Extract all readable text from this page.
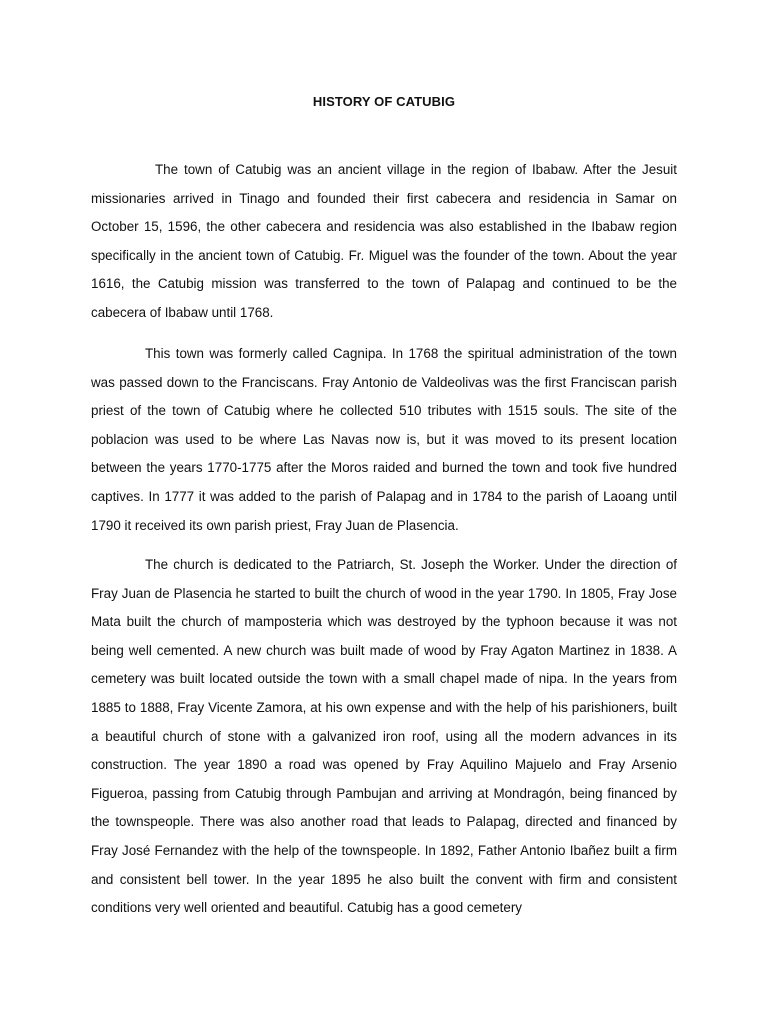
HISTORY OF CATUBIG

The town of Catubig was an ancient village in the region of Ibabaw. After the Jesuit missionaries arrived in Tinago and founded their first cabecera and residencia in Samar on October 15, 1596, the other cabecera and residencia was also established in the Ibabaw region specifically in the ancient town of Catubig. Fr. Miguel was the founder of the town. About the year 1616, the Catubig mission was transferred to the town of Palapag and continued to be the cabecera of Ibabaw until 1768.

This town was formerly called Cagnipa. In 1768 the spiritual administration of the town was passed down to the Franciscans. Fray Antonio de Valdeolivas was the first Franciscan parish priest of the town of Catubig where he collected 510 tributes with 1515 souls. The site of the poblacion was used to be where Las Navas now is, but it was moved to its present location between the years 1770-1775 after the Moros raided and burned the town and took five hundred captives. In 1777 it was added to the parish of Palapag and in 1784 to the parish of Laoang until 1790 it received its own parish priest, Fray Juan de Plasencia.

The church is dedicated to the Patriarch, St. Joseph the Worker. Under the direction of Fray Juan de Plasencia he started to built the church of wood in the year 1790. In 1805, Fray Jose Mata built the church of mamposteria which was destroyed by the typhoon because it was not being well cemented. A new church was built made of wood by Fray Agaton Martinez in 1838. A cemetery was built located outside the town with a small chapel made of nipa. In the years from 1885 to 1888, Fray Vicente Zamora, at his own expense and with the help of his parishioners, built a beautiful church of stone with a galvanized iron roof, using all the modern advances in its construction. The year 1890 a road was opened by Fray Aquilino Majuelo and Fray Arsenio Figueroa, passing from Catubig through Pambujan and arriving at Mondragón, being financed by the townspeople. There was also another road that leads to Palapag, directed and financed by Fray José Fernandez with the help of the townspeople. In 1892, Father Antonio Ibañez built a firm and consistent bell tower. In the year 1895 he also built the convent with firm and consistent conditions very well oriented and beautiful. Catubig has a good cemetery
